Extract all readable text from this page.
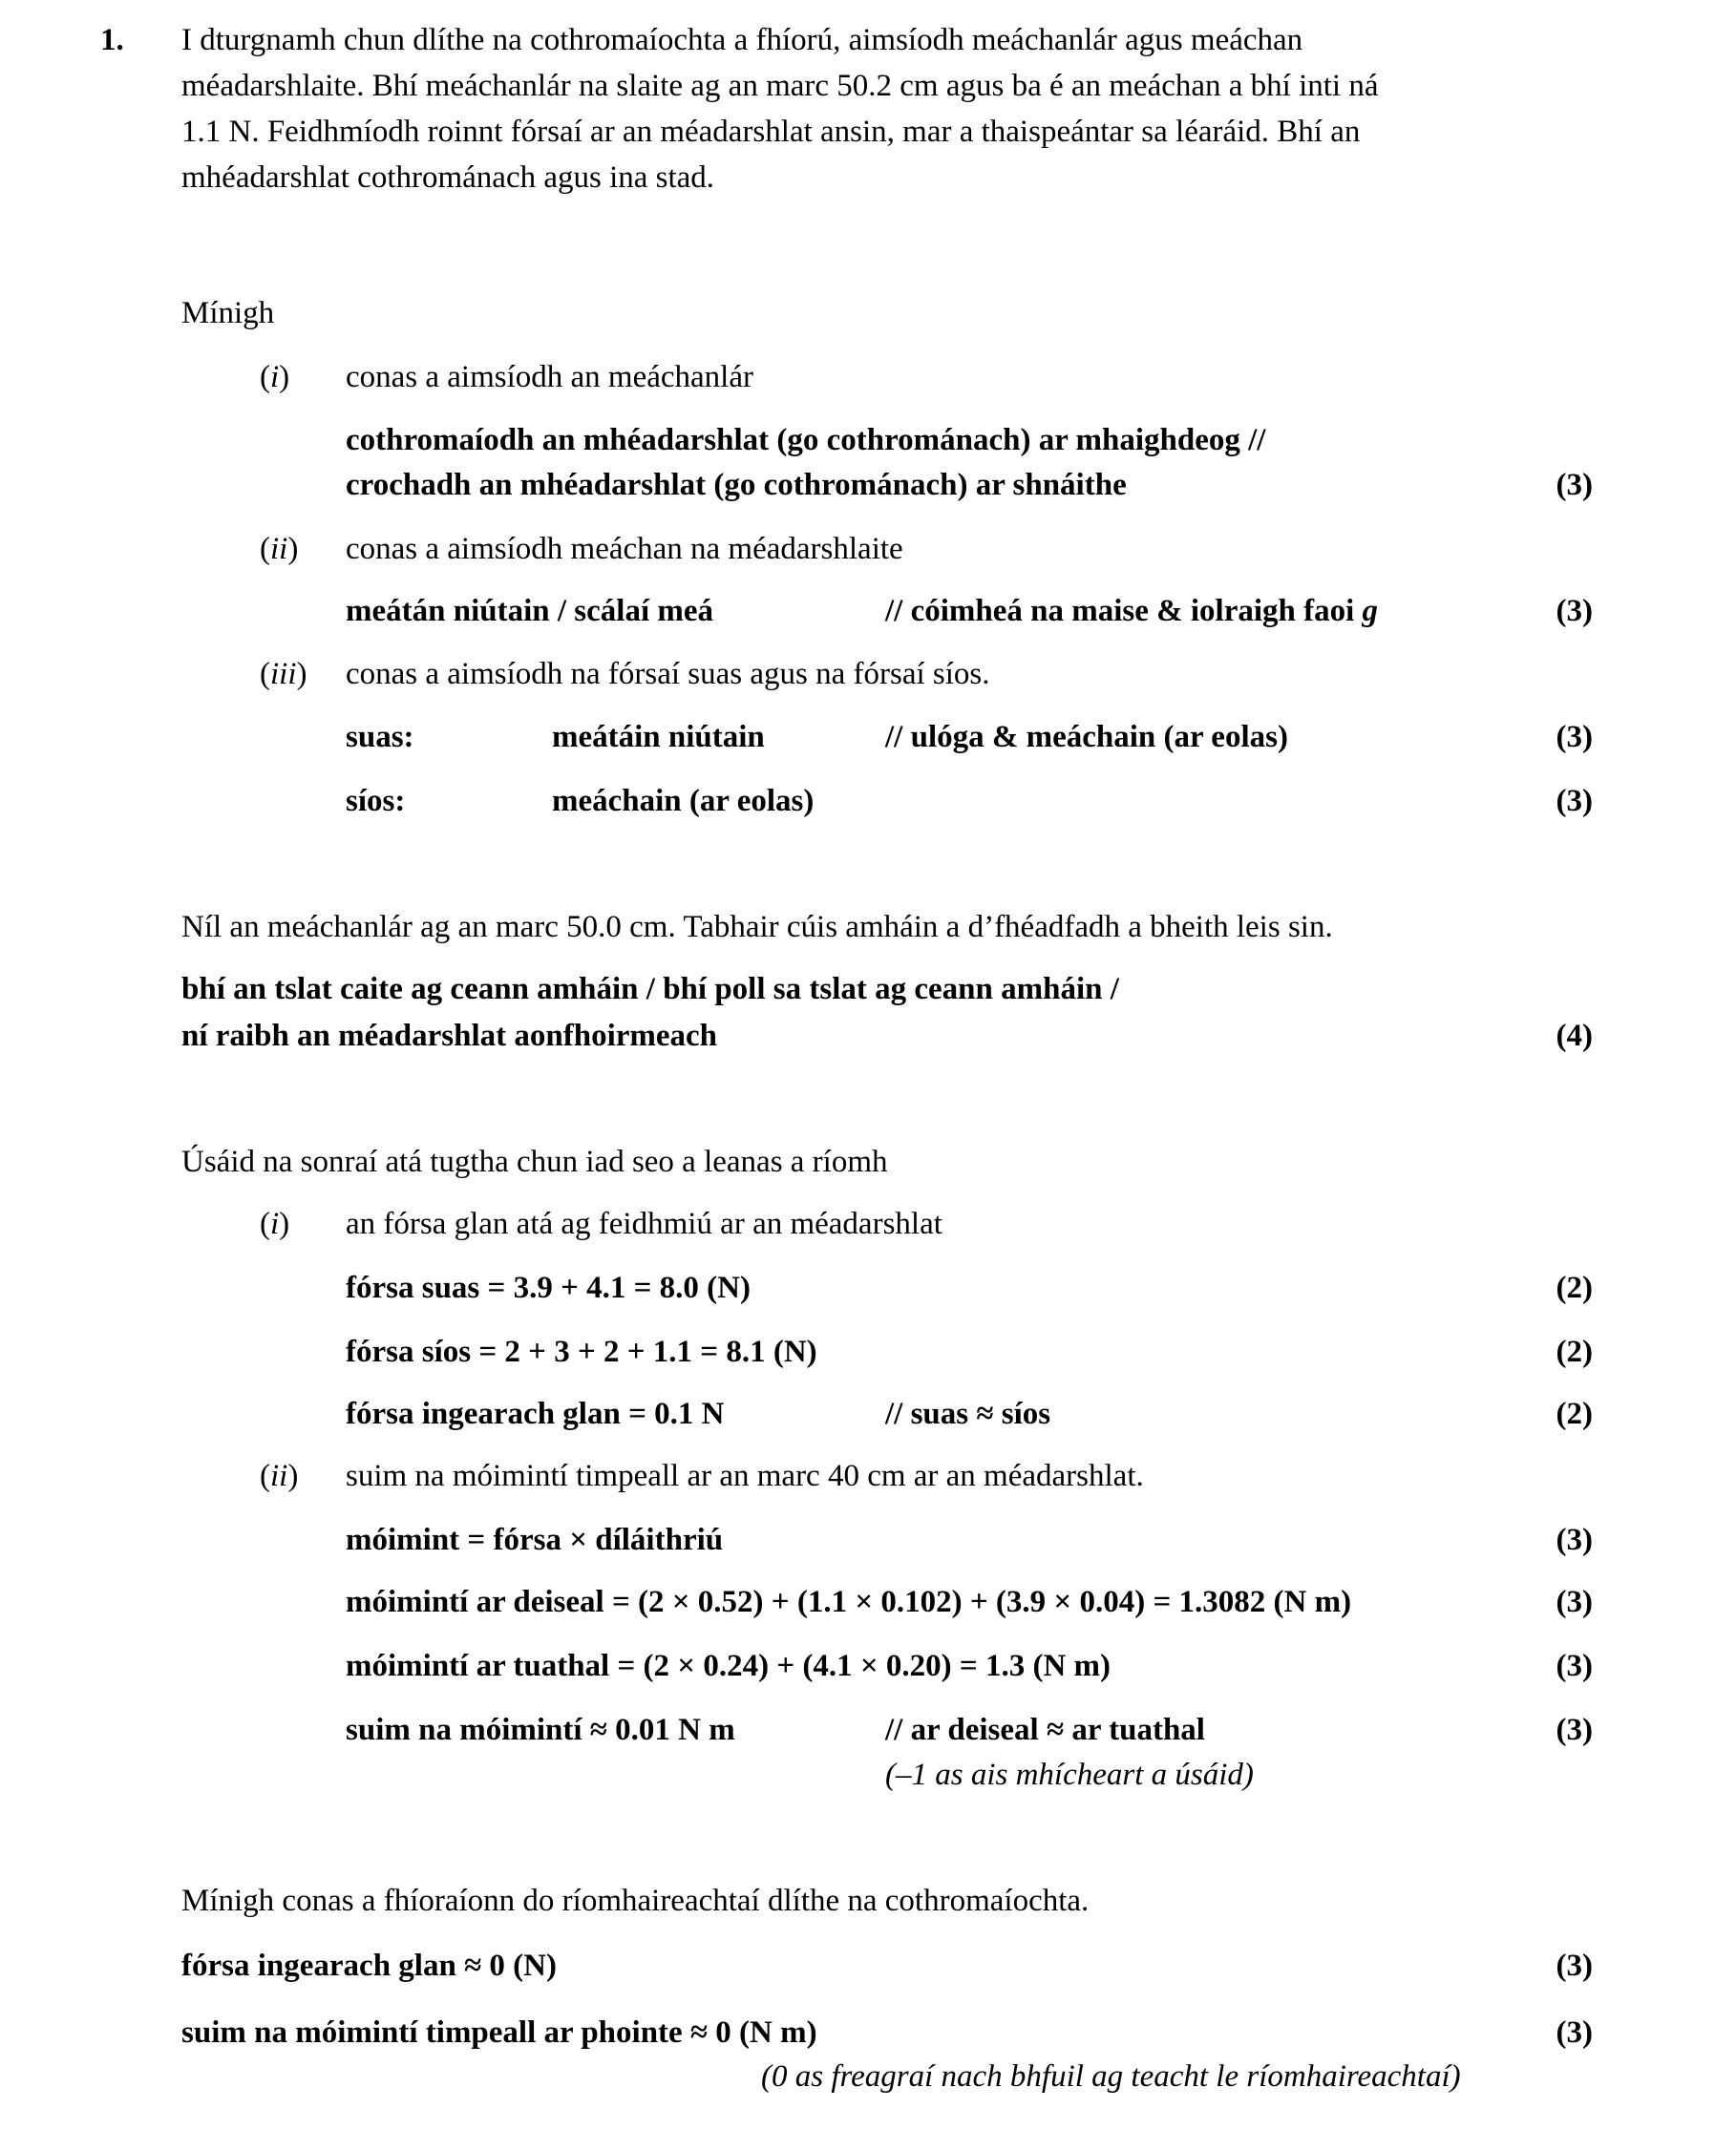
1. I dturgnamh chun dlíthe na cothromaíochta a fhíorú, aimsíodh meáchanlár agus meáchan
méadarshlaite. Bhí meáchanlár na slaite ag an marc 50.2 cm agus ba é an meáchan a bhí inti ná
1.1 N. Feidhmíodh roinnt fórsaí ar an méadarshlat ansin, mar a thaispeántar sa léaráid. Bhí an
mhéadarshlat cothrománach agus ina stad.
Mínigh
(i) conas a aimsíodh an meáchanlár
cothromaíodh an mhéadarshlat (go cothrománach) ar mhaighdeog //
crochadh an mhéadarshlat (go cothrománach) ar shnáithe	(3)
(ii) conas a aimsíodh meáchan na méadarshlaite
meátán niútain / scálaí meá	// cóimheá na maise & iolraigh faoi g	(3)
(iii) conas a aimsíodh na fórsaí suas agus na fórsaí síos.
suas:	meátáin niútain	// ulóga & meáchain (ar eolas)	(3)
síos:	meáchain (ar eolas)	(3)
Níl an meáchanlár ag an marc 50.0 cm. Tabhair cúis amháin a d’fhéadfadh a bheith leis sin.
bhí an tslat caite ag ceann amháin / bhí poll sa tslat ag ceann amháin /
ní raibh an méadarshlat aonfhoirmeach	(4)
Úsáid na sonraí atá tugtha chun iad seo a leanas a ríomh
(i) an fórsa glan atá ag feidhmiú ar an méadarshlat
fórsa suas = 3.9 + 4.1 = 8.0 (N)	(2)
fórsa síos = 2 + 3 + 2 + 1.1 = 8.1 (N)	(2)
fórsa ingearach glan = 0.1 N	// suas ≈ síos	(2)
(ii) suim na móimintí timpeall ar an marc 40 cm ar an méadarshlat.
móimint = fórsa × díláithriú	(3)
móimintí ar deiseal = (2 × 0.52) + (1.1 × 0.102) + (3.9 × 0.04) = 1.3082 (N m)	(3)
móimintí ar tuathal = (2 × 0.24) + (4.1 × 0.20) = 1.3 (N m)	(3)
suim na móimintí ≈ 0.01 N m	// ar deiseal ≈ ar tuathal	(3)
(–1 as ais mhícheart a úsáid)
Mínigh conas a fhíoraíonn do ríomhaireachtaí dlíthe na cothromaíochta.
fórsa ingearach glan ≈ 0 (N)	(3)
suim na móimintí timpeall ar phointe ≈ 0 (N m)	(3)
(0 as freagraí nach bhfuil ag teacht le ríomhaireachtaí)
